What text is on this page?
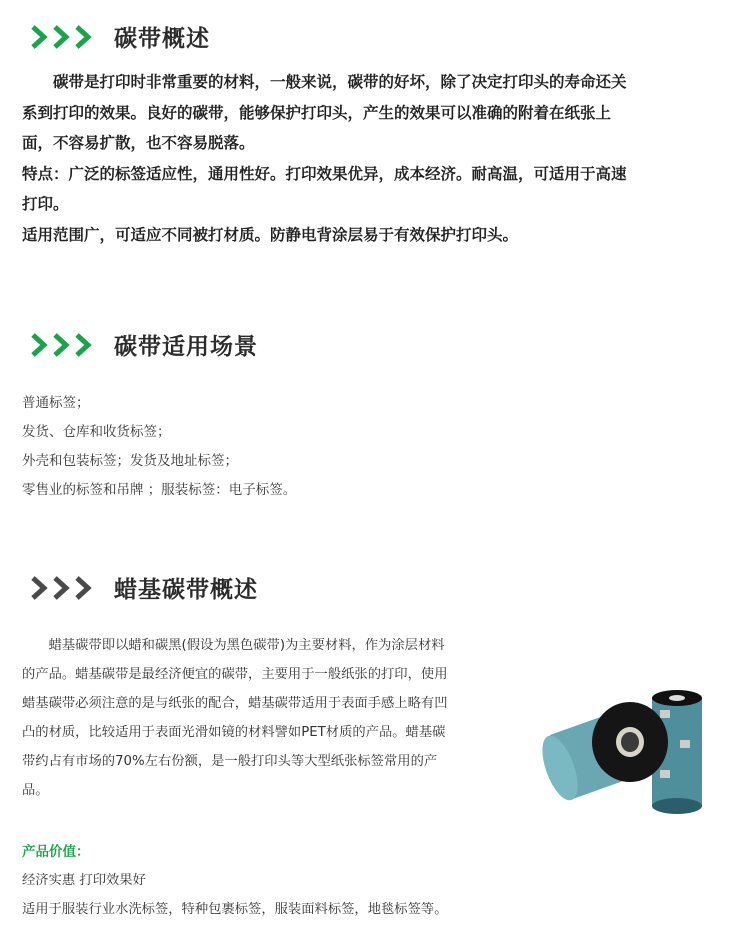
碳带概述
　　碳带是打印时非常重要的材料，一般来说，碳带的好坏，除了决定打印头的寿命还关
系到打印的效果。良好的碳带，能够保护打印头，产生的效果可以准确的附着在纸张上
面，不容易扩散，也不容易脱落。
特点：广泛的标签适应性，通用性好。打印效果优异，成本经济。耐高温，可适用于高速
打印。
适用范围广，可适应不同被打材质。防静电背涂层易于有效保护打印头。
碳带适用场景
普通标签；
发货、仓库和收货标签；
外壳和包装标签；发货及地址标签；
零售业的标签和吊牌 ；服装标签：电子标签。
蜡基碳带概述
　　蜡基碳带即以蜡和碳黑(假设为黑色碳带)为主要材料，作为涂层材料
的产品。蜡基碳带是最经济便宜的碳带，主要用于一般纸张的打印，使用
蜡基碳带必须注意的是与纸张的配合，蜡基碳带适用于表面手感上略有凹
凸的材质，比较适用于表面光滑如镜的材料譬如PET材质的产品。蜡基碳
带约占有市场的70%左右份额，是一般打印头等大型纸张标签常用的产
品。
产品价值：
经济实惠 打印效果好
适用于服装行业水洗标签，特种包裹标签，服装面料标签，地毯标签等。
